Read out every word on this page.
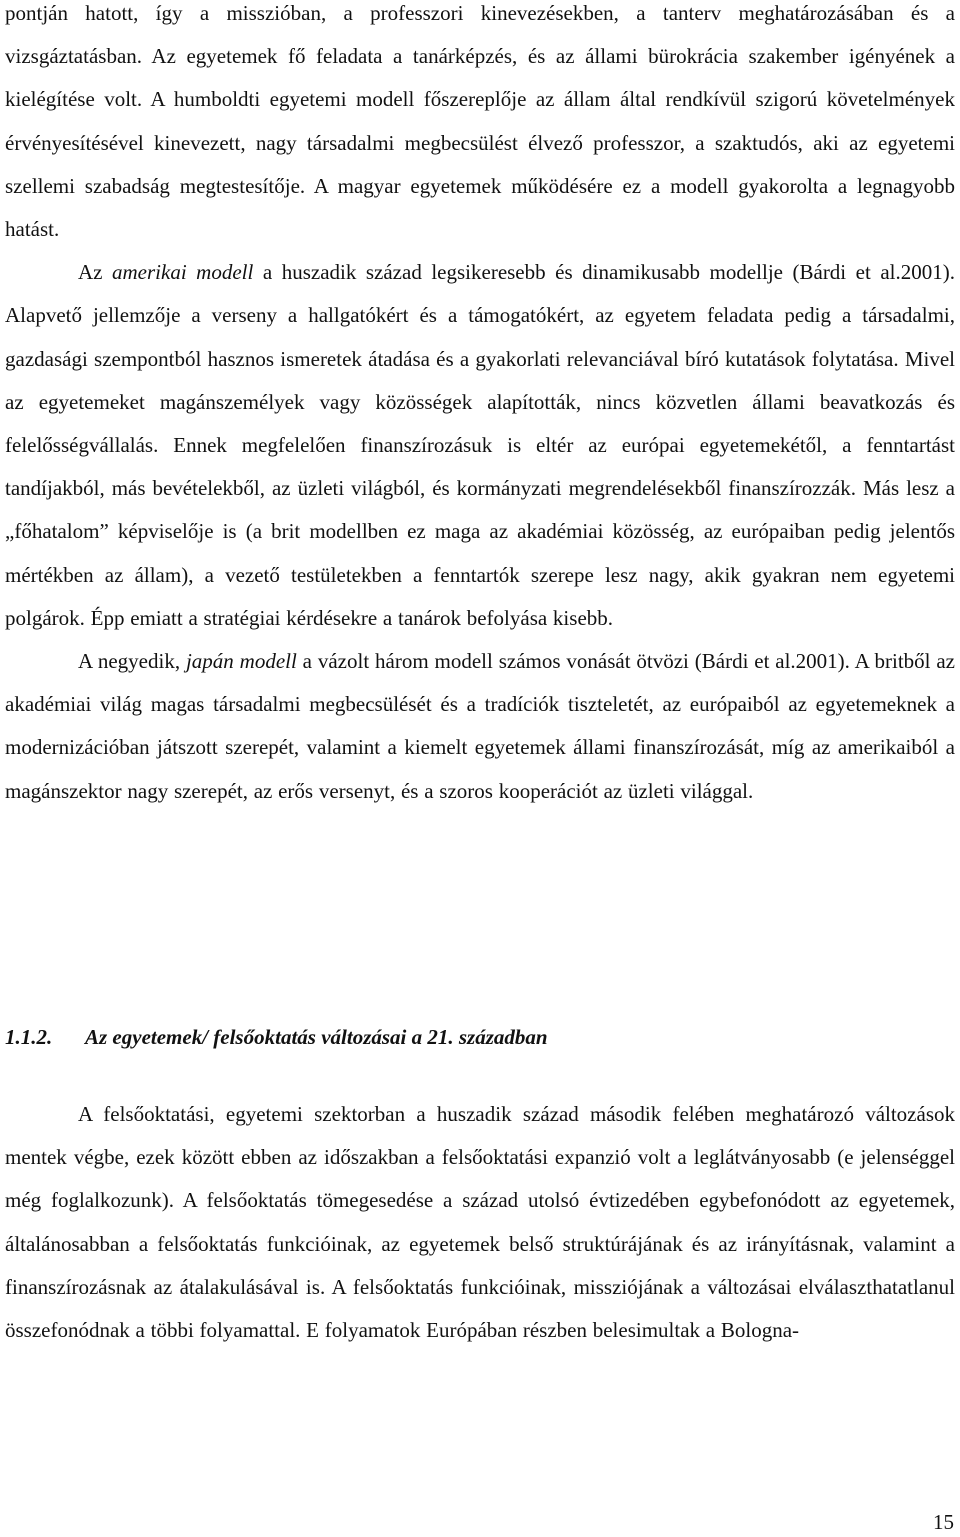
pontján hatott, így a misszióban, a professzori kinevezésekben, a tanterv meghatározásában és a vizsgáztatásban. Az egyetemek fő feladata a tanárképzés, és az állami bürokrácia szakember igényének a kielégítése volt. A humboldti egyetemi modell főszereplője az állam által rendkívül szigorú követelmények érvényesítésével kinevezett, nagy társadalmi megbecsülést élvező professzor, a szaktudós, aki az egyetemi szellemi szabadság megtestesítője. A magyar egyetemek működésére ez a modell gyakorolta a legnagyobb hatást.

Az amerikai modell a huszadik század legsikeresebb és dinamikusabb modellje (Bárdi et al.2001). Alapvető jellemzője a verseny a hallgatókért és a támogatókért, az egyetem feladata pedig a társadalmi, gazdasági szempontból hasznos ismeretek átadása és a gyakorlati relevanciával bíró kutatások folytatása. Mivel az egyetemeket magánszemélyek vagy közösségek alapították, nincs közvetlen állami beavatkozás és felelősségvállalás. Ennek megfelelően finanszírozásuk is eltér az európai egyetemekétől, a fenntartást tandíjakból, más bevételekből, az üzleti világból, és kormányzati megrendelésekből finanszírozzák. Más lesz a „főhatalom” képviselője is (a brit modellben ez maga az akadémiai közösség, az európaiban pedig jelentős mértékben az állam), a vezető testületekben a fenntartók szerepe lesz nagy, akik gyakran nem egyetemi polgárok. Épp emiatt a stratégiai kérdésekre a tanárok befolyása kisebb.

A negyedik, japán modell a vázolt három modell számos vonását ötvözi (Bárdi et al.2001). A britből az akadémiai világ magas társadalmi megbecsülését és a tradíciók tiszteletét, az európaiból az egyetemeknek a modernizációban játszott szerepét, valamint a kiemelt egyetemek állami finanszírozását, míg az amerikaiból a magánszektor nagy szerepét, az erős versenyt, és a szoros kooperációt az üzleti világgal.

1.1.2. Az egyetemek/ felsőoktatás változásai a 21. században

A felsőoktatási, egyetemi szektorban a huszadik század második felében meghatározó változások mentek végbe, ezek között ebben az időszakban a felsőoktatási expanzió volt a leglátványosabb (e jelenséggel még foglalkozunk). A felsőoktatás tömegesedése a század utolsó évtizedében egybefonódott az egyetemek, általánosabban a felsőoktatás funkcióinak, az egyetemek belső struktúrájának és az irányításnak, valamint a finanszírozásnak az átalakulásával is. A felsőoktatás funkcióinak, missziójának a változásai elválaszthatatlanul összefonódnak a többi folyamattal. E folyamatok Európában részben belesimultak a Bologna-

15
